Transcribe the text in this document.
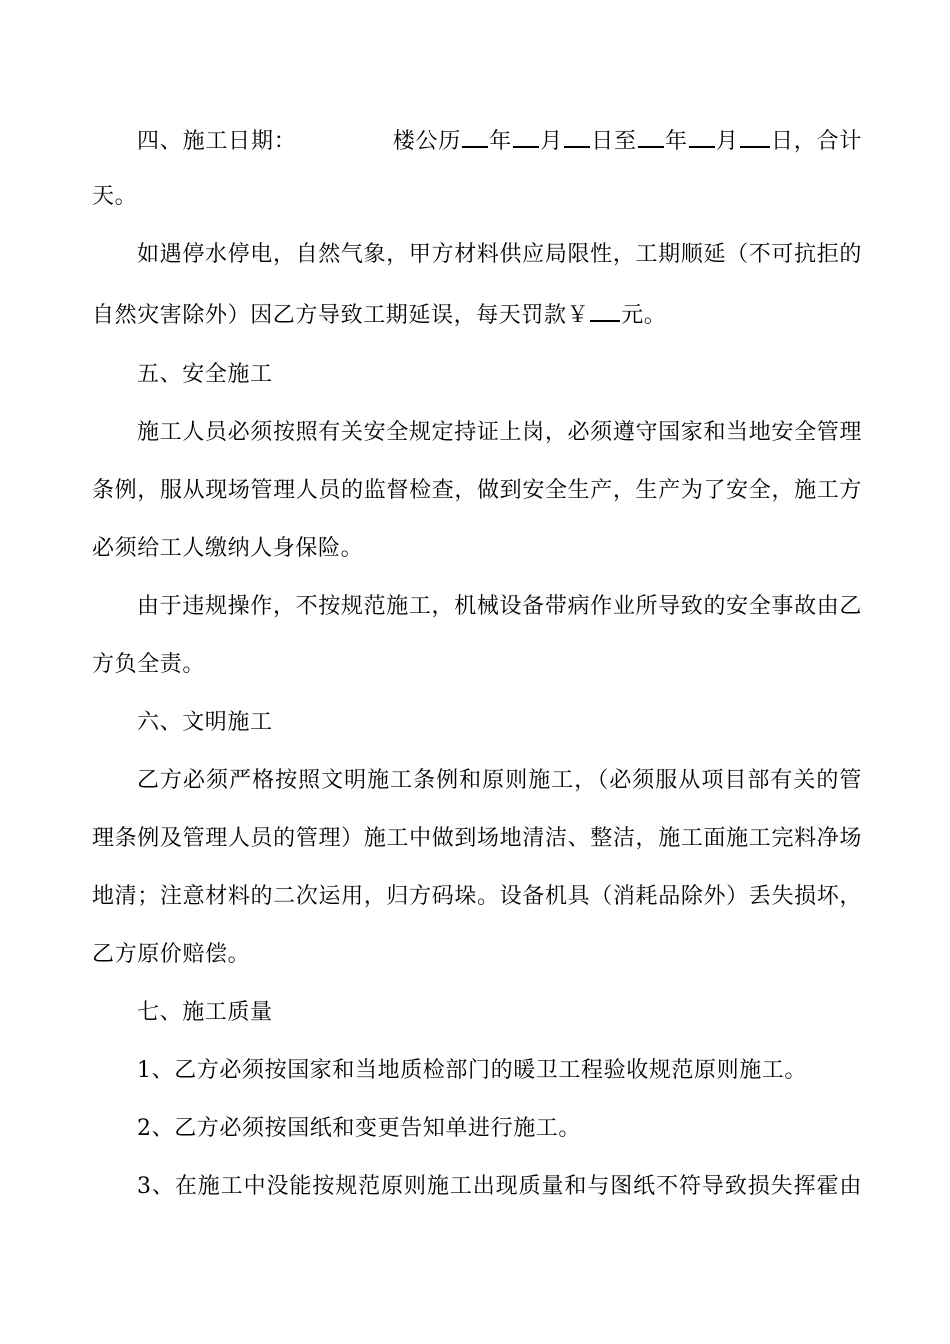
四、施工日期：	楼公历 年 月 日至 年 月 日，合计
天。
如遇停水停电，自然气象，甲方材料供应局限性，工期顺延（不可抗拒的
自然灾害除外）因乙方导致工期延误，每天罚款￥ 元。
五、安全施工
施工人员必须按照有关安全规定持证上岗，必须遵守国家和当地安全管理
条例，服从现场管理人员的监督检查，做到安全生产，生产为了安全，施工方
必须给工人缴纳人身保险。
由于违规操作，不按规范施工，机械设备带病作业所导致的安全事故由乙
方负全责。
六、文明施工
乙方必须严格按照文明施工条例和原则施工，（必须服从项目部有关的管
理条例及管理人员的管理）施工中做到场地清洁、整洁，施工面施工完料净场
地清；注意材料的二次运用，归方码垛。设备机具（消耗品除外）丢失损坏，
乙方原价赔偿。
七、施工质量
1、乙方必须按国家和当地质检部门的暖卫工程验收规范原则施工。
2、乙方必须按国纸和变更告知单进行施工。
3、在施工中没能按规范原则施工出现质量和与图纸不符导致损失挥霍由
